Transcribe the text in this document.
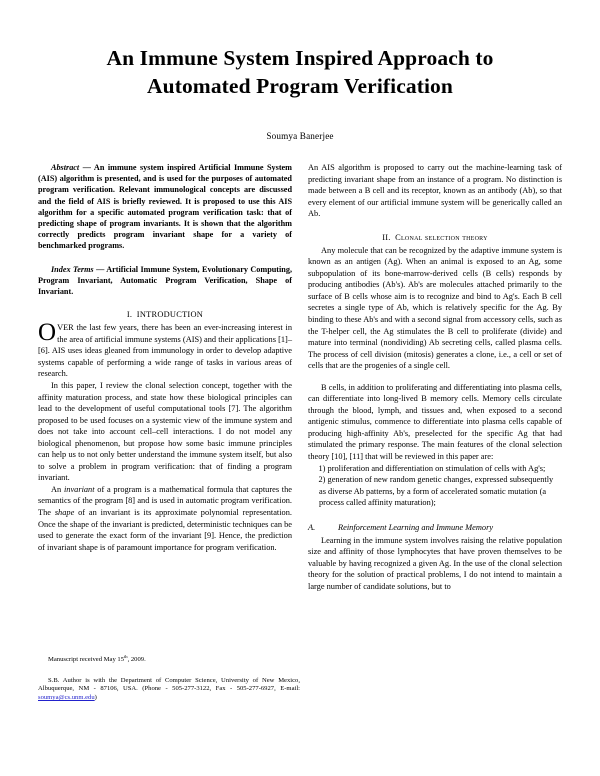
An Immune System Inspired Approach to Automated Program Verification
Soumya Banerjee

Abstract — An immune system inspired Artificial Immune System (AIS) algorithm is presented, and is used for the purposes of automated program verification. Relevant immunological concepts are discussed and the field of AIS is briefly reviewed. It is proposed to use this AIS algorithm for a specific automated program verification task: that of predicting shape of program invariants. It is shown that the algorithm correctly predicts program invariant shape for a variety of benchmarked programs.

Index Terms — Artificial Immune System, Evolutionary Computing, Program Invariant, Automatic Program Verification, Shape of Invariant.

I. INTRODUCTION

OVER the last few years, there has been an ever-increasing interest in the area of artificial immune systems (AIS) and their applications [1]–[6]. AIS uses ideas gleaned from immunology in order to develop adaptive systems capable of performing a wide range of tasks in various areas of research.

In this paper, I review the clonal selection concept, together with the affinity maturation process, and state how these biological principles can lead to the development of useful computational tools [7]. The algorithm proposed to be used focuses on a systemic view of the immune system and does not take into account cell–cell interactions. I do not model any biological phenomenon, but propose how some basic immune principles can help us to not only better understand the immune system itself, but also to solve a problem in program verification: that of finding a program invariant.

An invariant of a program is a mathematical formula that captures the semantics of the program [8] and is used in automatic program verification. The shape of an invariant is its approximate polynomial representation. Once the shape of the invariant is predicted, deterministic techniques can be used to generate the exact form of the invariant [9]. Hence, the prediction of invariant shape is of paramount importance for program verification.

An AIS algorithm is proposed to carry out the machine-learning task of predicting invariant shape from an instance of a program. No distinction is made between a B cell and its receptor, known as an antibody (Ab), so that every element of our artificial immune system will be generically called an Ab.

II. Clonal selection theory

Any molecule that can be recognized by the adaptive immune system is known as an antigen (Ag). When an animal is exposed to an Ag, some subpopulation of its bone-marrow-derived cells (B cells) responds by producing antibodies (Ab's). Ab's are molecules attached primarily to the surface of B cells whose aim is to recognize and bind to Ag's. Each B cell secretes a single type of Ab, which is relatively specific for the Ag. By binding to these Ab's and with a second signal from accessory cells, such as the T-helper cell, the Ag stimulates the B cell to proliferate (divide) and mature into terminal (nondividing) Ab secreting cells, called plasma cells. The process of cell division (mitosis) generates a clone, i.e., a cell or set of cells that are the progenies of a single cell.

B cells, in addition to proliferating and differentiating into plasma cells, can differentiate into long-lived B memory cells. Memory cells circulate through the blood, lymph, and tissues and, when exposed to a second antigenic stimulus, commence to differentiate into plasma cells capable of producing high-affinity Ab's, preselected for the specific Ag that had stimulated the primary response. The main features of the clonal selection theory [10], [11] that will be reviewed in this paper are:

1) proliferation and differentiation on stimulation of cells with Ag's;
2) generation of new random genetic changes, expressed subsequently as diverse Ab patterns, by a form of accelerated somatic mutation (a process called affinity maturation);
A.	Reinforcement Learning and Immune Memory

Learning in the immune system involves raising the relative population size and affinity of those lymphocytes that have proven themselves to be valuable by having recognized a given Ag. In the use of the clonal selection theory for the solution of practical problems, I do not intend to maintain a large number of candidate solutions, but to

Manuscript received May 15th, 2009.

S.B. Author is with the Department of Computer Science, University of New Mexico, Albuquerque, NM - 87106, USA. (Phone - 505-277-3122, Fax - 505-277-6927, E-mail: soumya@cs.unm.edu)
